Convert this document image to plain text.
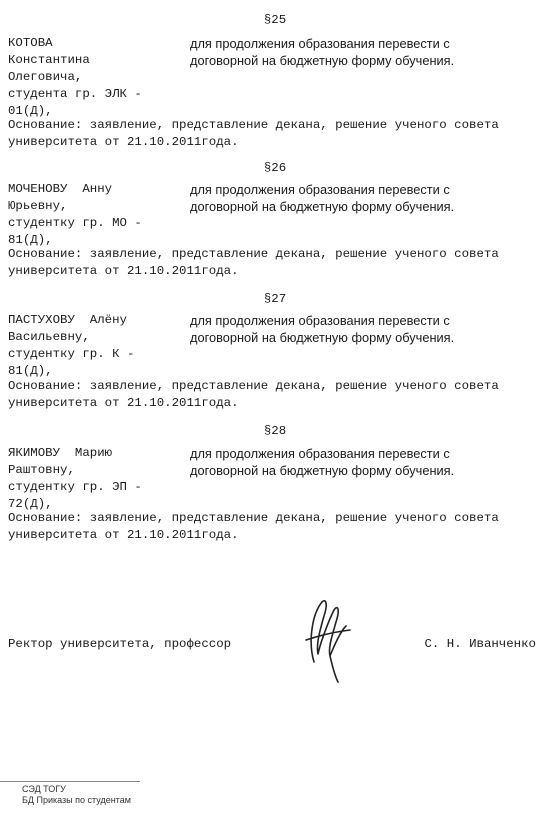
§25
КОТОВА
Константина
Олеговича,
студента гр. ЭЛК -
01(Д),
для продолжения образования перевести с
договорной на бюджетную форму обучения.
Основание: заявление, представление декана, решение ученого совета
университета от 21.10.2011года.
§26
МОЧЕНОВУ  Анну
Юрьевну,
студентку гр. МО -
81(Д),
для продолжения образования перевести с
договорной на бюджетную форму обучения.
Основание: заявление, представление декана, решение ученого совета
университета от 21.10.2011года.
§27
ПАСТУХОВУ  Алёну
Васильевну,
студентку гр. К -
81(Д),
для продолжения образования перевести с
договорной на бюджетную форму обучения.
Основание: заявление, представление декана, решение ученого совета
университета от 21.10.2011года.
§28
ЯКИМОВУ  Марию
Раштовну,
студентку гр. ЭП -
72(Д),
для продолжения образования перевести с
договорной на бюджетную форму обучения.
Основание: заявление, представление декана, решение ученого совета
университета от 21.10.2011года.
Ректор университета, профессор	С. Н. Иванченко
СЭД ТОГУ
БД Приказы по студентам
